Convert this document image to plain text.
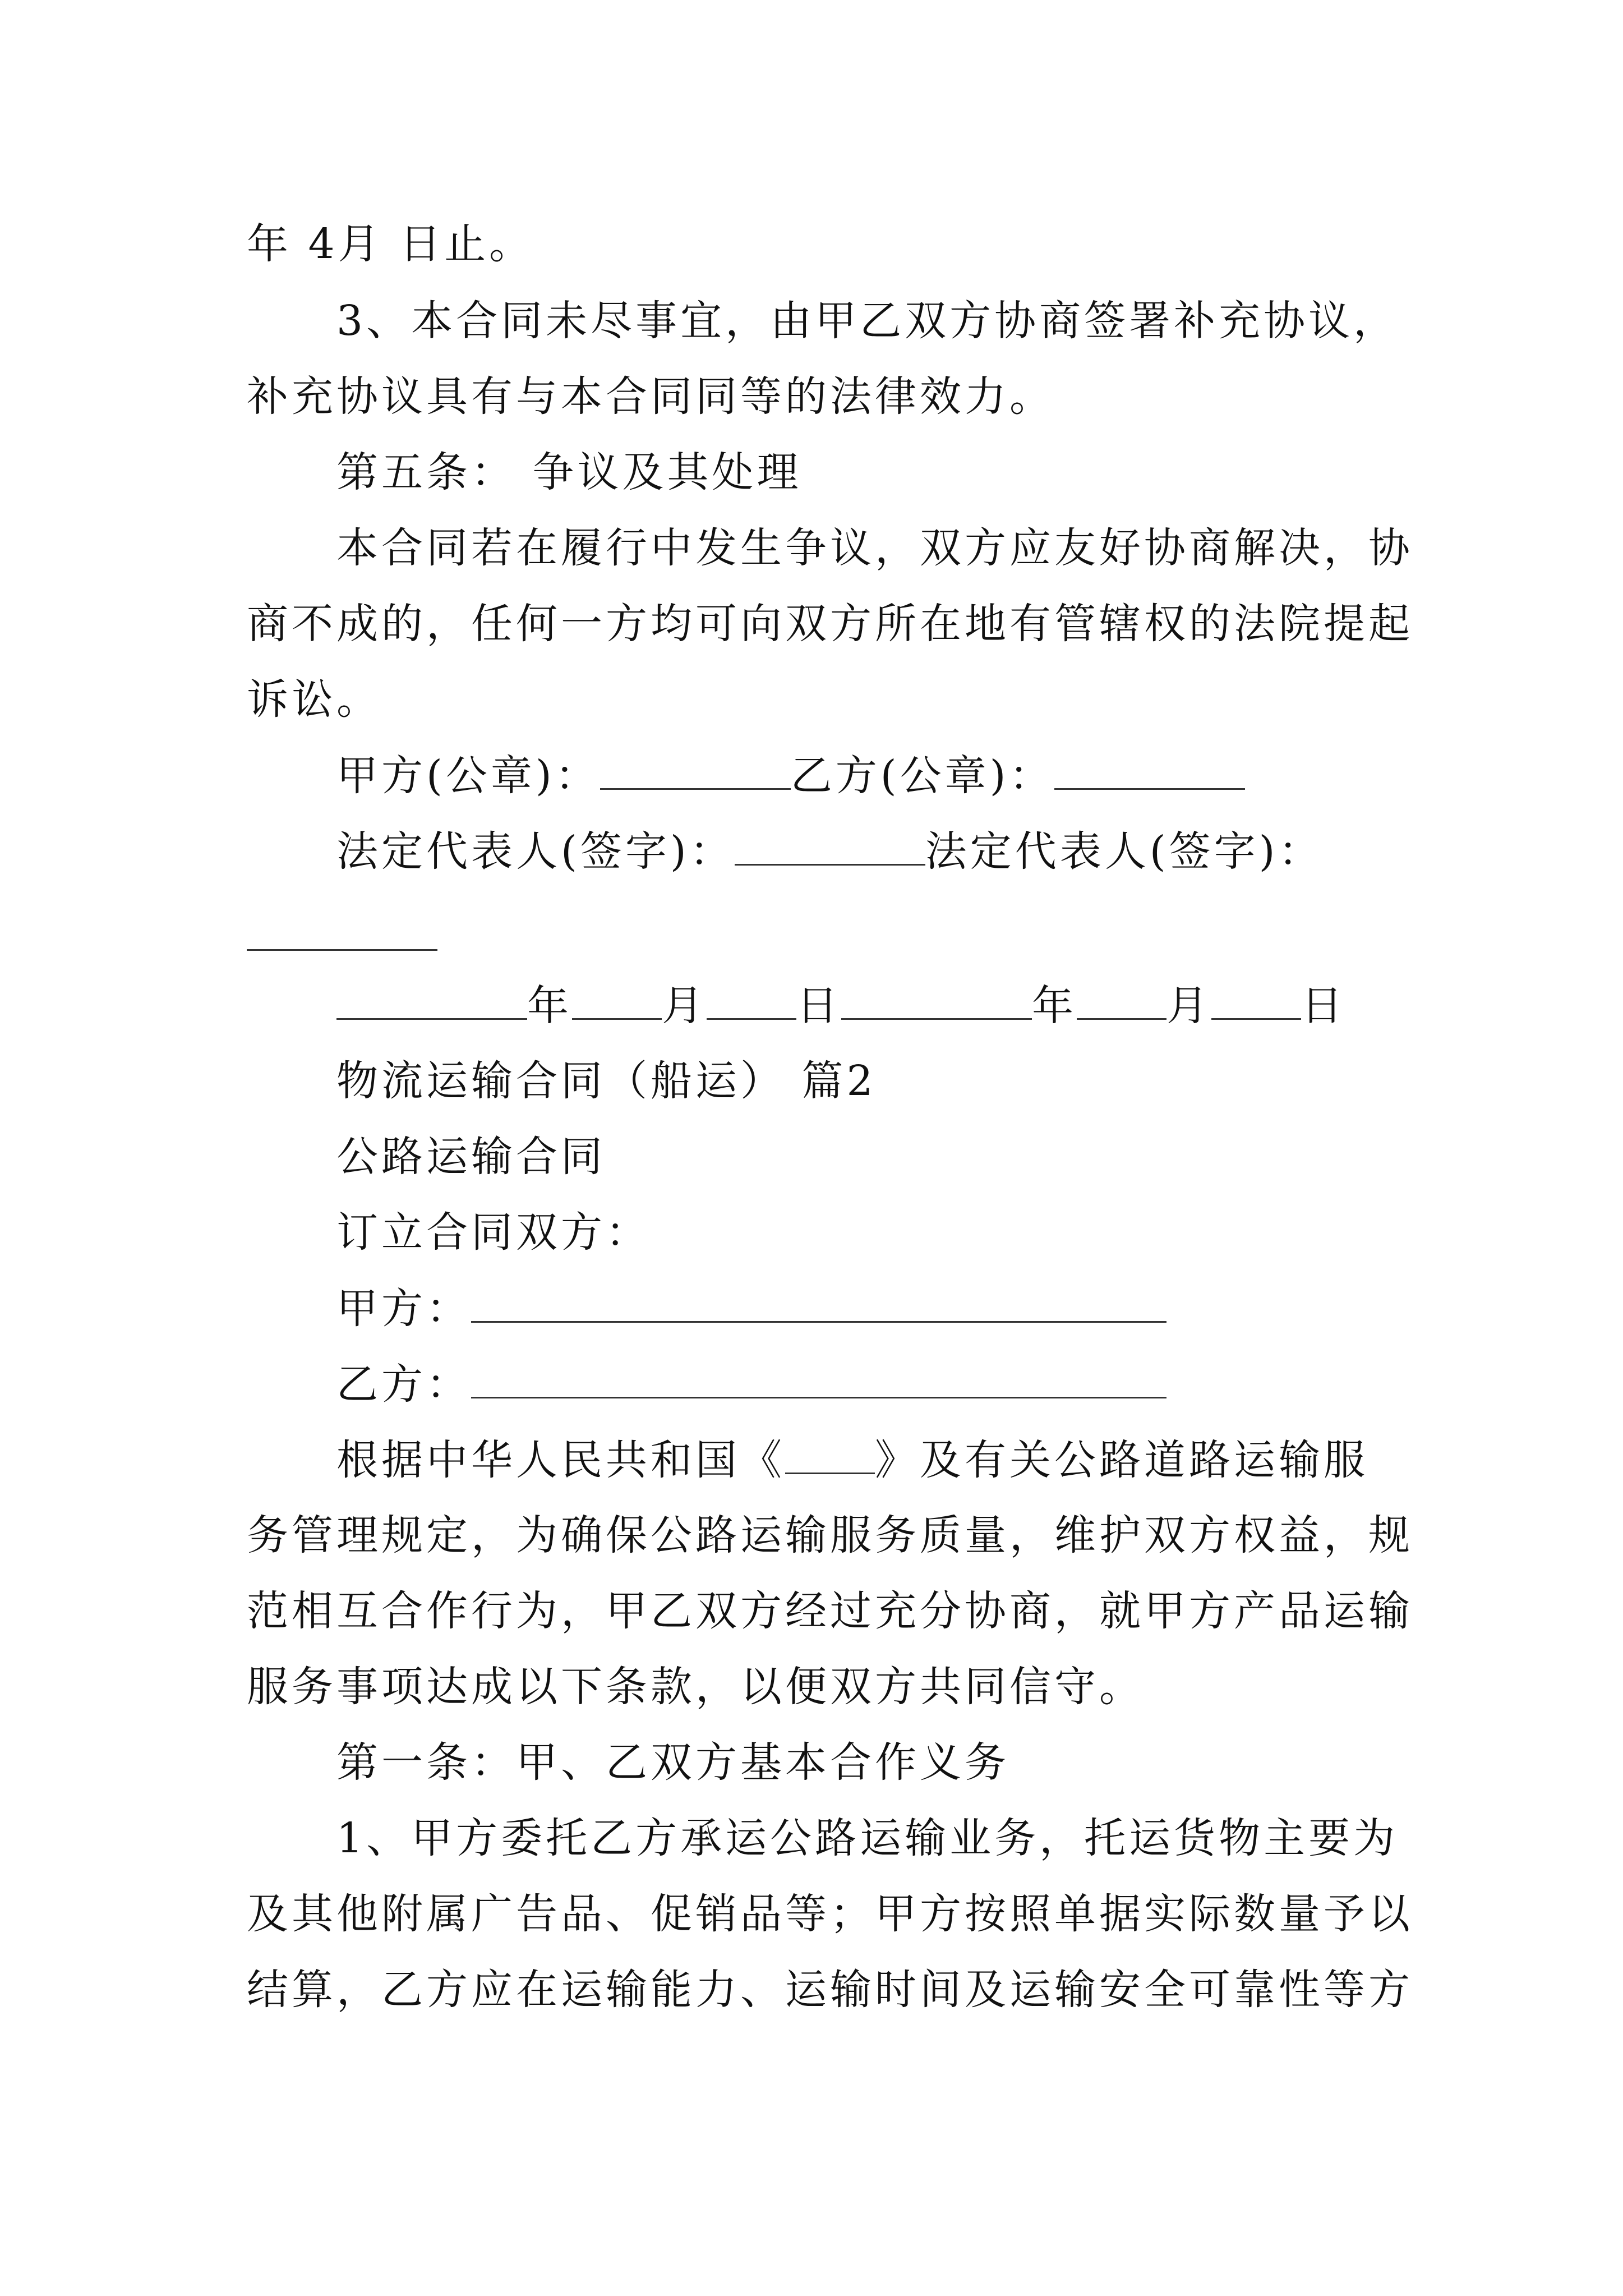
年 4月 日止。
3、本合同未尽事宜，由甲乙双方协商签署补充协议，
补充协议具有与本合同同等的法律效力。
第五条： 争议及其处理
本合同若在履行中发生争议，双方应友好协商解决，协
商不成的，任何一方均可向双方所在地有管辖权的法院提起
诉讼。
甲方(公章)：	乙方(公章)：
法定代表人(签字)：	法定代表人(签字)：
年 月 日	年 月 日
物流运输合同（船运） 篇2
公路运输合同
订立合同双方：
甲方：
乙方：
根据中华人民共和国《 》及有关公路道路运输服
务管理规定，为确保公路运输服务质量，维护双方权益，规
范相互合作行为，甲乙双方经过充分协商，就甲方产品运输
服务事项达成以下条款，以便双方共同信守。
第一条：甲、乙双方基本合作义务
1、甲方委托乙方承运公路运输业务，托运货物主要为
及其他附属广告品、促销品等；甲方按照单据实际数量予以
结算，乙方应在运输能力、运输时间及运输安全可靠性等方
